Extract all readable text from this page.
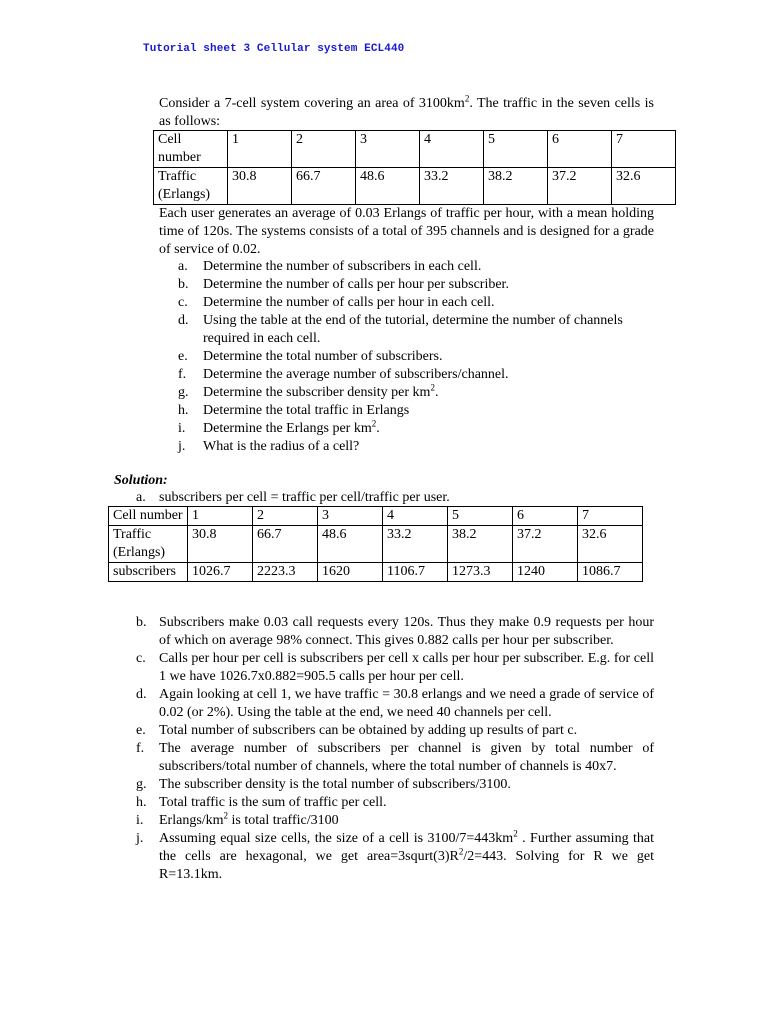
Tutorial sheet 3 Cellular system ECL440

Consider a 7-cell system covering an area of $3100km^2$. The traffic in the seven cells is as follows:

Cell number	1	2	3	4	5	6	7
Traffic (Erlangs)	30.8	66.7	48.6	33.2	38.2	37.2	32.6

Each user generates an average of 0.03 Erlangs of traffic per hour, with a mean holding time of 120s. The systems consists of a total of 395 channels and is designed for a grade of service of 0.02.

a.	Determine the number of subscribers in each cell.
b.	Determine the number of calls per hour per subscriber.
c.	Determine the number of calls per hour in each cell.
d.	Using the table at the end of the tutorial, determine the number of channels required in each cell.
e.	Determine the total number of subscribers.
f.	Determine the average number of subscribers/channel.
g.	Determine the subscriber density per $km^2$.
h.	Determine the total traffic in Erlangs
i.	Determine the Erlangs per $km^2$.
j.	What is the radius of a cell?
Solution:
a. subscribers per cell = traffic per cell/traffic per user.
Cell number	1	2	3	4	5	6	7
Traffic (Erlangs)	30.8	66.7	48.6	33.2	38.2	37.2	32.6
subscribers	1026.7	2223.3	1620	1106.7	1273.3	1240	1086.7
b. Subscribers make 0.03 call requests every 120s. Thus they make 0.9 requests per hour of which on average 98% connect. This gives 0.882 calls per hour per subscriber.
c. Calls per hour per cell is subscribers per cell x calls per hour per subscriber. E.g. for cell 1 we have 1026.7x0.882=905.5 calls per hour per cell.
d. Again looking at cell 1, we have traffic = 30.8 erlangs and we need a grade of service of 0.02 (or 2%). Using the table at the end, we need 40 channels per cell.
e. Total number of subscribers can be obtained by adding up results of part c.
f.	The average number of subscribers per channel is given by total number of subscribers/total number of channels, where the total number of channels is 40x7.
g. The subscriber density is the total number of subscribers/3100.
h. Total traffic is the sum of traffic per cell.
i.	Erlangs/$km^2$ is total traffic/3100
j.	Assuming equal size cells, the size of a cell is $3100/7=443km^2$ . Further assuming that the cells are hexagonal, we get $area=3squrt(3)R^2/2=443$. Solving for R we get R=13.1km.
